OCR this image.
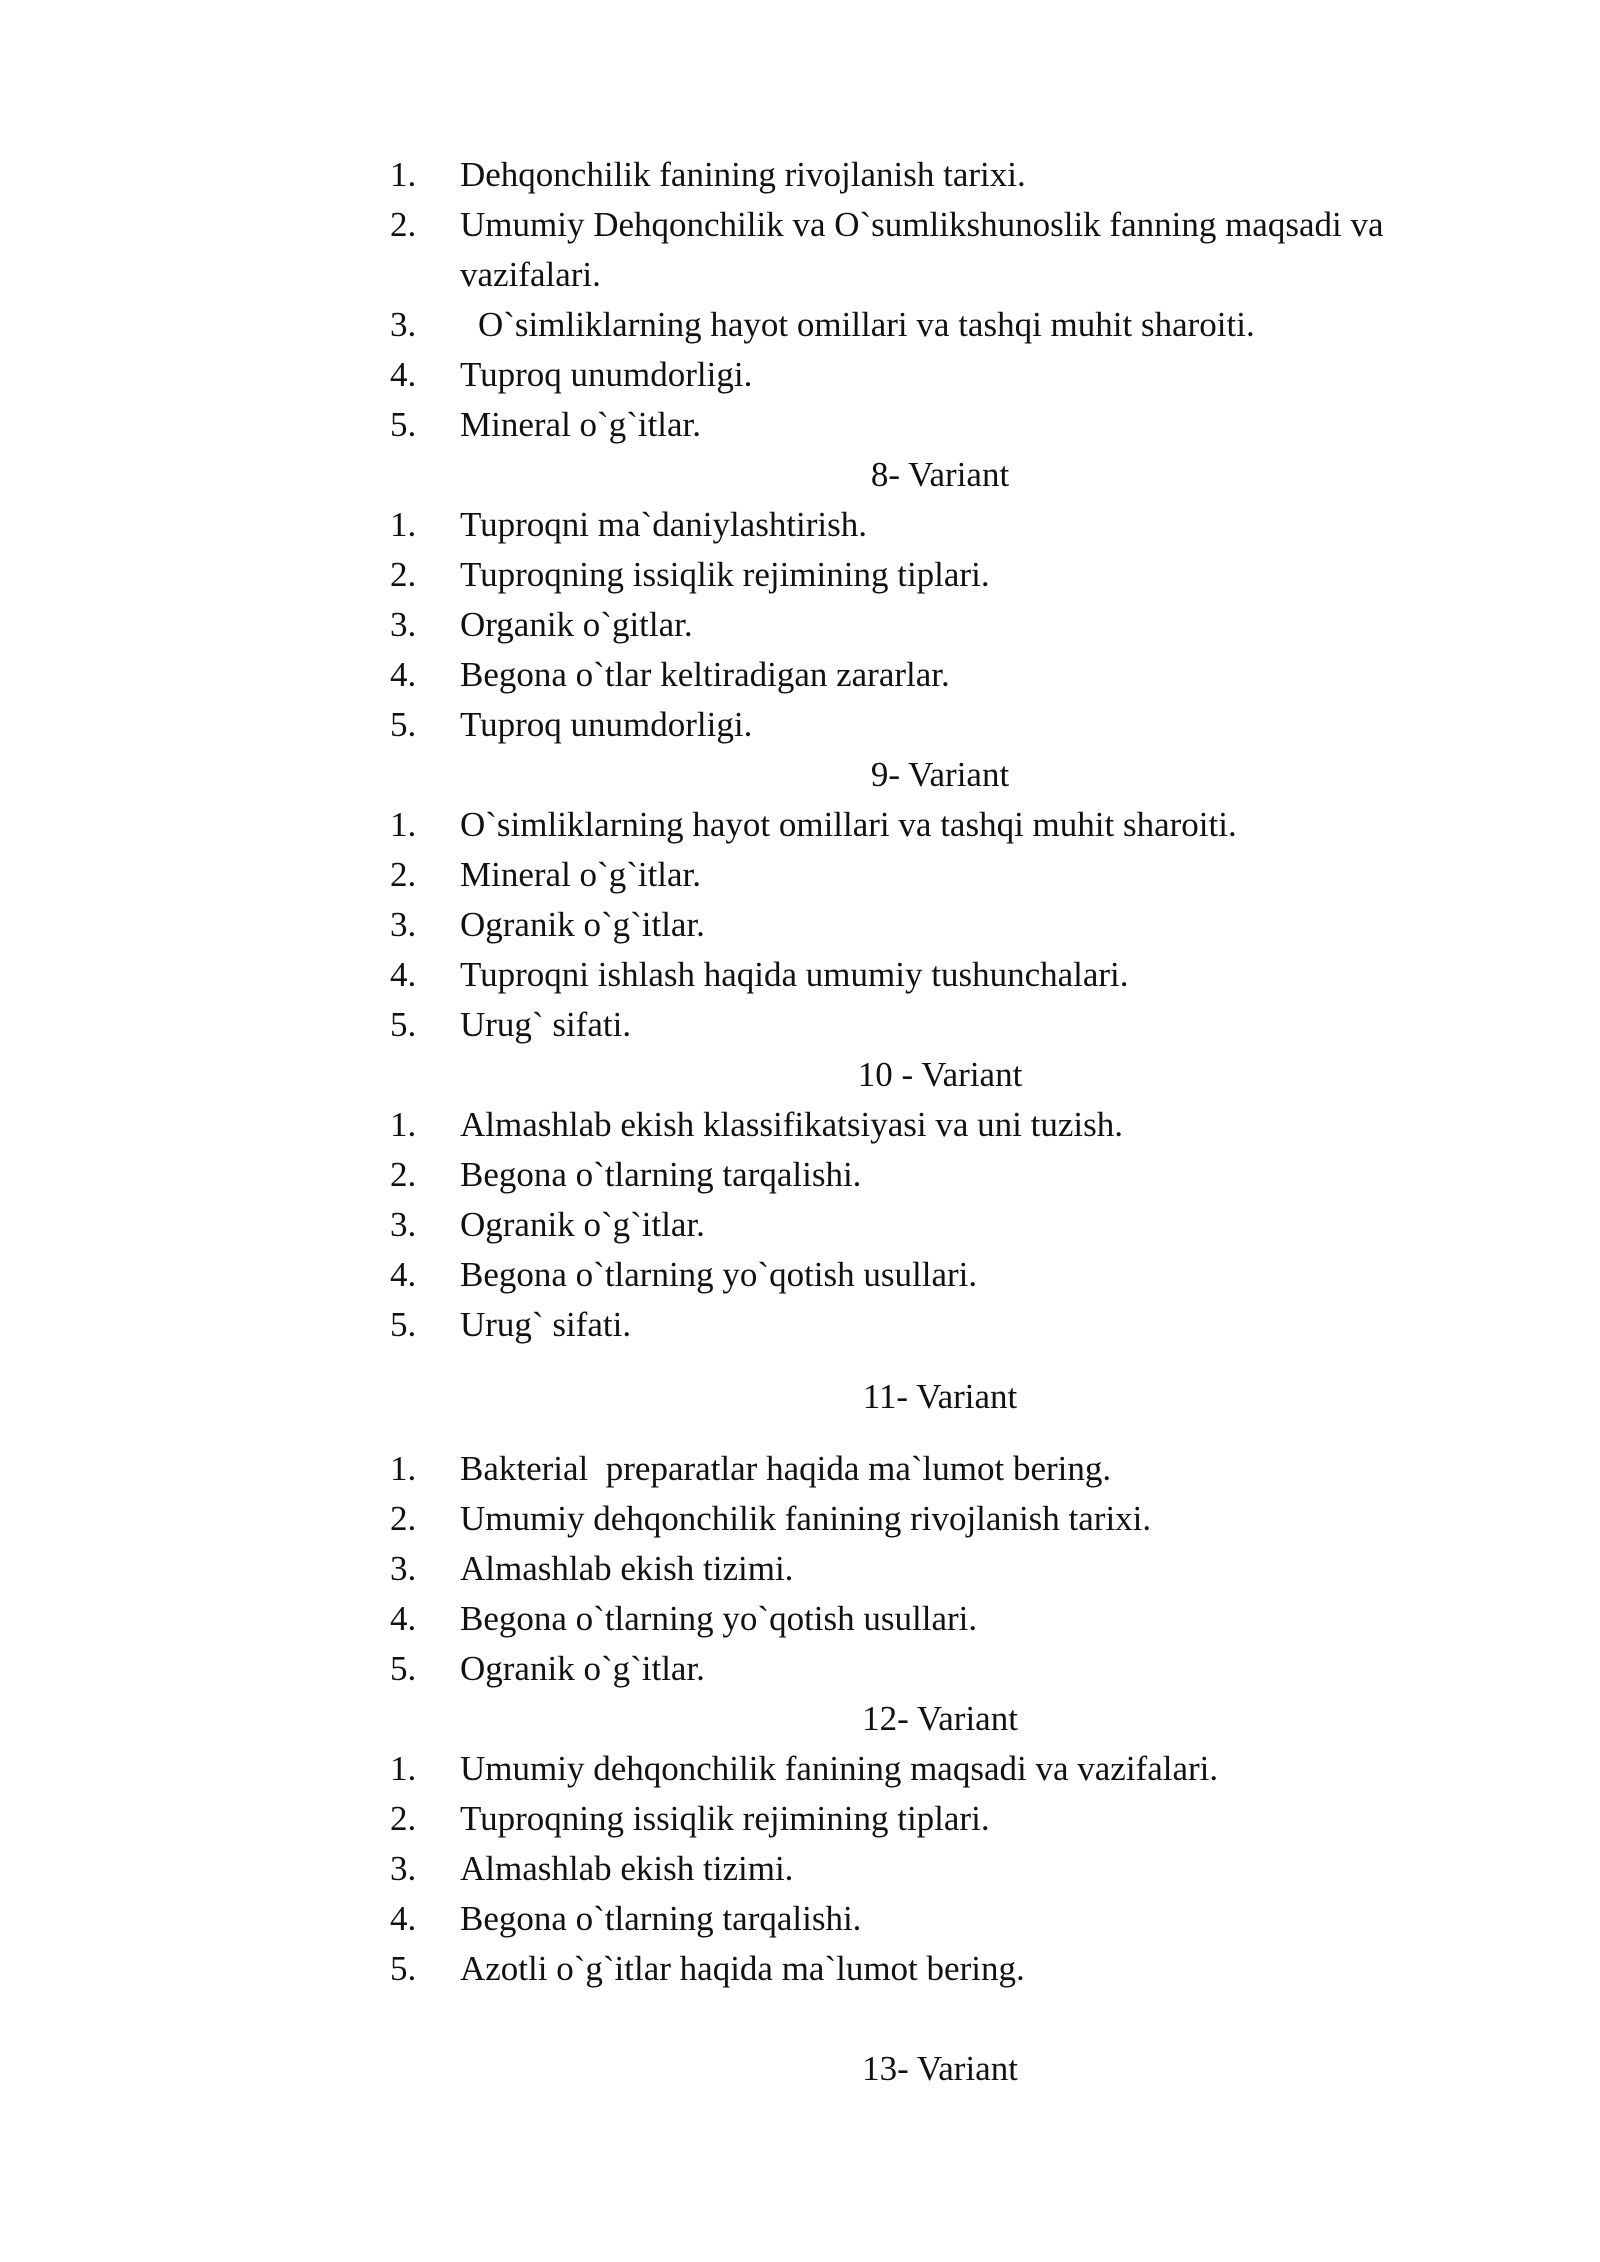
1.	Dehqonchilik fanining rivojlanish tarixi.
2.	Umumiy Dehqonchilik va O`sumlikshunoslik fanning maqsadi va
vazifalari.
3.	O`simliklarning hayot omillari va tashqi muhit sharoiti.
4.	Tuproq unumdorligi.
5.	Mineral o`g`itlar.
8- Variant
1.	Tuproqni ma`daniylashtirish.
2.	Tuproqning issiqlik rejimining tiplari.
3.	Organik o`gitlar.
4.	Begona o`tlar keltiradigan zararlar.
5.	Tuproq unumdorligi.
9- Variant
1.	O`simliklarning hayot omillari va tashqi muhit sharoiti.
2.	Mineral o`g`itlar.
3.	Ogranik o`g`itlar.
4.	Tuproqni ishlash haqida umumiy tushunchalari.
5.	Urug` sifati.
10 - Variant
1.	Almashlab ekish klassifikatsiyasi va uni tuzish.
2.	Begona o`tlarning tarqalishi.
3.	Ogranik o`g`itlar.
4.	Begona o`tlarning yo`qotish usullari.
5.	Urug` sifati.
11- Variant
1.	Bakterial  preparatlar haqida ma`lumot bering.
2.	Umumiy dehqonchilik fanining rivojlanish tarixi.
3.	Almashlab ekish tizimi.
4.	Begona o`tlarning yo`qotish usullari.
5.	Ogranik o`g`itlar.
12- Variant
1.	Umumiy dehqonchilik fanining maqsadi va vazifalari.
2.	Tuproqning issiqlik rejimining tiplari.
3.	Almashlab ekish tizimi.
4.	Begona o`tlarning tarqalishi.
5.	Azotli o`g`itlar haqida ma`lumot bering.
13- Variant
